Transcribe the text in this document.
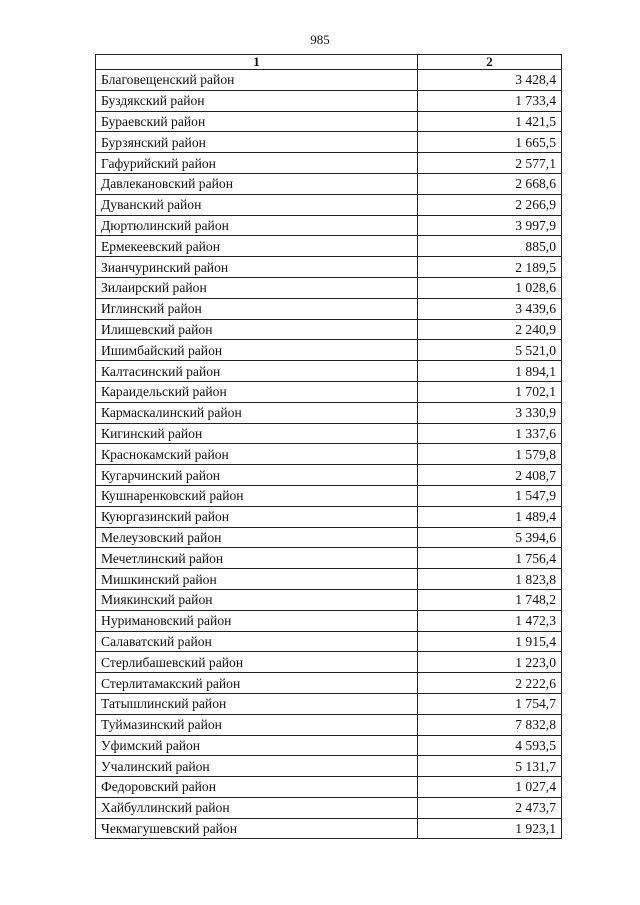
985
1	2
Благовещенский район	3 428,4
Буздякский район	1 733,4
Бураевский район	1 421,5
Бурзянский район	1 665,5
Гафурийский район	2 577,1
Давлекановский район	2 668,6
Дуванский район	2 266,9
Дюртюлинский район	3 997,9
Ермекеевский район	885,0
Зианчуринский район	2 189,5
Зилаирский район	1 028,6
Иглинский район	3 439,6
Илишевский район	2 240,9
Ишимбайский район	5 521,0
Калтасинский район	1 894,1
Караидельский район	1 702,1
Кармаскалинский район	3 330,9
Кигинский район	1 337,6
Краснокамский район	1 579,8
Кугарчинский район	2 408,7
Кушнаренковский район	1 547,9
Куюргазинский район	1 489,4
Мелеузовский район	5 394,6
Мечетлинский район	1 756,4
Мишкинский район	1 823,8
Миякинский район	1 748,2
Нуримановский район	1 472,3
Салаватский район	1 915,4
Стерлибашевский район	1 223,0
Стерлитамакский район	2 222,6
Татышлинский район	1 754,7
Туймазинский район	7 832,8
Уфимский район	4 593,5
Учалинский район	5 131,7
Федоровский район	1 027,4
Хайбуллинский район	2 473,7
Чекмагушевский район	1 923,1
